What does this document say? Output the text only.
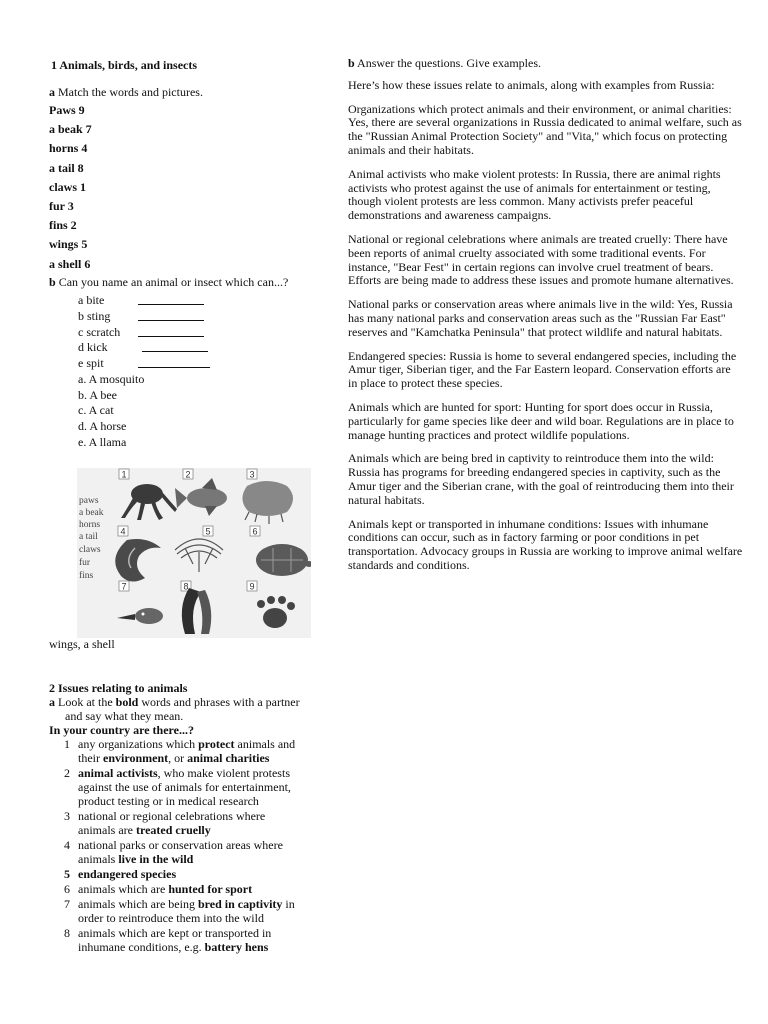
1 Animals, birds, and insects
a Match the words and pictures.
Paws 9
a beak 7
horns 4
a tail 8
claws 1
fur 3
fins 2
wings 5
a shell 6
b Can you name an animal or insect which can...?
a bite
b sting
c scratch
d kick
e spit
a. A mosquito
b. A bee
c. A cat
d. A horse
e. A llama
1	2	3
4	5	6
7	8	9
paws
a beak
horns
a tail
claws
fur
fins
wings, a shell
2 Issues relating to animals
a Look at the bold words and phrases with a partner
and say what they mean.
In your country are there...?
1 any organizations which protect animals and their environment, or animal charities
2 animal activists, who make violent protests against the use of animals for entertainment, product testing or in medical research
3 national or regional celebrations where animals are treated cruelly
4 national parks or conservation areas where animals live in the wild
5 endangered species
6 animals which are hunted for sport
7 animals which are being bred in captivity in order to reintroduce them into the wild
8 animals which are kept or transported in inhumane conditions, e.g. battery hens

b Answer the questions. Give examples.

Here’s how these issues relate to animals, along with examples from Russia:

Organizations which protect animals and their environment, or animal charities: Yes, there are several organizations in Russia dedicated to animal welfare, such as the "Russian Animal Protection Society" and "Vita," which focus on protecting animals and their habitats.

Animal activists who make violent protests: In Russia, there are animal rights activists who protest against the use of animals for entertainment or testing, though violent protests are less common. Many activists prefer peaceful demonstrations and awareness campaigns.

National or regional celebrations where animals are treated cruelly: There have been reports of animal cruelty associated with some traditional events. For instance, "Bear Fest" in certain regions can involve cruel treatment of bears. Efforts are being made to address these issues and promote humane alternatives.

National parks or conservation areas where animals live in the wild: Yes, Russia has many national parks and conservation areas such as the "Russian Far East" reserves and "Kamchatka Peninsula" that protect wildlife and natural habitats.

Endangered species: Russia is home to several endangered species, including the Amur tiger, Siberian tiger, and the Far Eastern leopard. Conservation efforts are in place to protect these species.

Animals which are hunted for sport: Hunting for sport does occur in Russia, particularly for game species like deer and wild boar. Regulations are in place to manage hunting practices and protect wildlife populations.

Animals which are being bred in captivity to reintroduce them into the wild: Russia has programs for breeding endangered species in captivity, such as the Amur tiger and the Siberian crane, with the goal of reintroducing them into their natural habitats.

Animals kept or transported in inhumane conditions: Issues with inhumane conditions can occur, such as in factory farming or poor conditions in pet transportation. Advocacy groups in Russia are working to improve animal welfare standards and conditions.
